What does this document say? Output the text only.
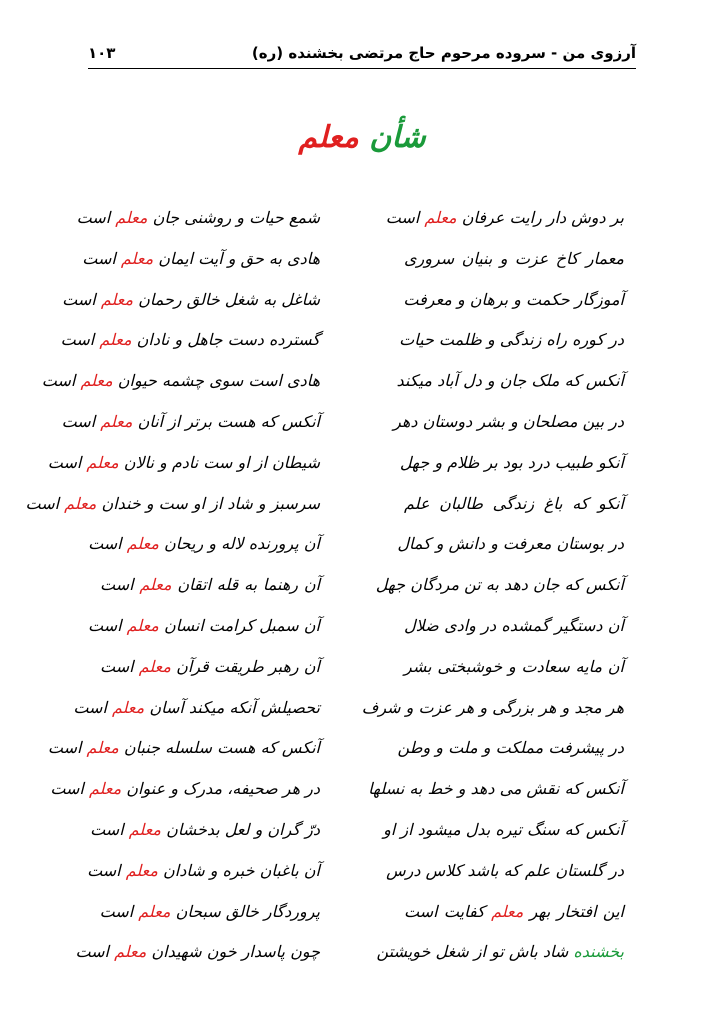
آرزوی من - سروده مرحوم حاج مرتضی بخشنده (ره)
۱۰۳
شأن معلم
بر دوش دار رایت عرفان معلم است
شمع حیات و روشنی جان معلم است
معمار کاخ عزت و بنیان سروری
هادی به حق و آیت ایمان معلم است
آموزگار حکمت و برهان و معرفت
شاغل به شغل خالق رحمان معلم است
در کوره راه زندگی و ظلمت حیات
گسترده دست جاهل و نادان معلم است
آنکس که ملک جان و دل آباد میکند
هادی است سوی چشمه حیوان معلم است
در بین مصلحان و بشر دوستان دهر
آنکس که هست برتر از آنان معلم است
آنکو طبیب درد بود بر ظلام و جهل
شیطان از او ست نادم و نالان معلم است
آنکو که باغ زندگی طالبان علم
سرسبز و شاد از او ست و خندان معلم است
در بوستان معرفت و دانش و کمال
آن پرورنده لاله و ریحان معلم است
آنکس که جان دهد به تن مردگان جهل
آن رهنما به قله اتقان معلم است
آن دستگیر گمشده در وادی ضلال
آن سمبل کرامت انسان معلم است
آن مایه سعادت و خوشبختی بشر
آن رهبر طریقت قرآن معلم است
هر مجد و هر بزرگی و هر عزت و شرف
تحصیلش آنکه میکند آسان معلم است
در پیشرفت مملکت و ملت و وطن
آنکس که هست سلسله جنبان معلم است
آنکس که نقش می دهد و خط به نسلها
در هر صحیفه، مدرک و عنوان معلم است
آنکس که سنگ تیره بدل میشود از او
درّ گران و لعل بدخشان معلم است
در گلستان علم که باشد کلاس درس
آن باغبان خبره و شادان معلم است
این افتخار بهر معلم کفایت است
پروردگار خالق سبحان معلم است
بخشنده شاد باش تو از شغل خویشتن
چون پاسدار خون شهیدان معلم است
